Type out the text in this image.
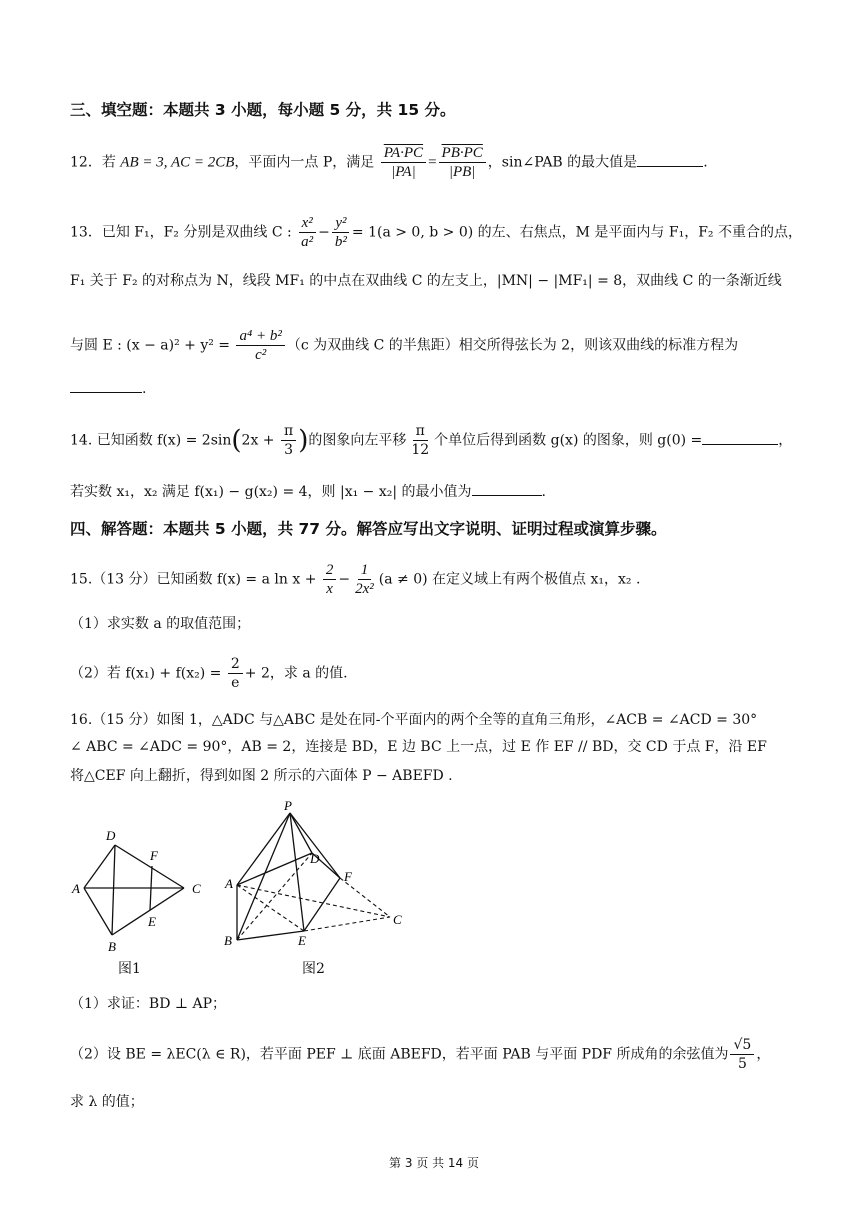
三、填空题：本题共 3 小题，每小题 5 分，共 15 分。
12．若 AB = 3, AC = 2CB，平面内一点 P，满足 $\frac{PA\cdot PC}{|PA|} = \frac{PB\cdot PC}{|PB|}$ ，sin∠PAB 的最大值是	.
13．已知 F₁，F₂ 分别是双曲线 C : $\frac{\text{x²}}{\text{a²}} - \frac{\text{y²}}{\text{b²}} = 1(a > 0$, b > 0) 的左、右焦点，M 是平面内与 F₁，F₂ 不重合的点，
F₁ 关于 F₂ 的对称点为 N，线段 MF₁ 的中点在双曲线 C 的左支上，|MN| − |MF₁| = 8，双曲线 C 的一条渐近线
与圆 E : $(x - a)^2 + y^2 = \frac{\text{a⁴ + b²}}{\text{c²}} (c$ 为双曲线 C 的半焦距）相交所得弦长为 2，则该双曲线的标准方程为
.
14. 已知函数 $f(x) = 2\sin(2x + \frac{\pi}{3}$ )的图象向左平移 $\frac{\pi}{12}$ 个单位后得到函数 g(x) 的图象，则 g(0) =	，
若实数 x₁，x₂ 满足 f(x₁) − g(x₂) = 4，则 |x₁ − x₂| 的最小值为	.
四、解答题：本题共 5 小题，共 77 分。解答应写出文字说明、证明过程或演算步骤。
15.（13 分）已知函数 f(x) = a $\ln x + \frac{2}{x} - \frac{1}{\text{2x²}} (a \ne 0)$ 在定义域上有两个极值点 x₁，x₂ .
（1）求实数 a 的取值范围；
（2）若 $f(x_1) + f(x_2) = \frac{2}{e} + 2$，求 a 的值.
16.（15 分）如图 1，△ADC 与△ABC 是处在同-个平面内的两个全等的直角三角形，∠ACB = ∠ACD = 30°
∠ ABC = ∠ADC = 90°，AB = 2，连接是 BD，E 边 BC 上一点，过 E 作 EF // BD，交 CD 于点 F，沿 EF
将△CEF 向上翻折，得到如图 2 所示的六面体 P − ABEFD .
D
F
A	C
E
B
图1
P
D
A	F
C
B	E
图2
（1）求证：BD ⊥ AP；
（2）设 BE = λEC(λ ∈ R)，若平面 PEF ⊥ 底面 ABEFD，若平面 PAB 与平面 PDF 所成角的余弦值为 $\frac{√5}{5}$ ，
求 λ 的值；
第 3 页 共 14 页
